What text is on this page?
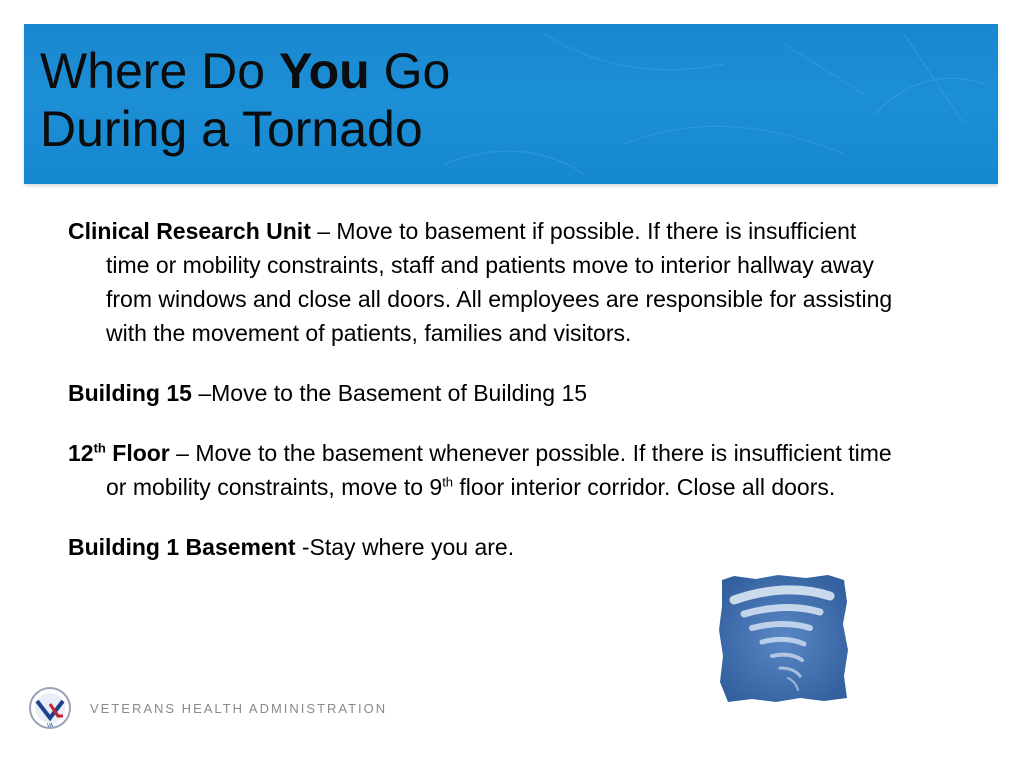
Where Do You Go
During a Tornado

Clinical Research Unit – Move to basement if possible. If there is insufficient time or mobility constraints, staff and patients move to interior hallway away from windows and close all doors. All employees are responsible for assisting with the movement of patients, families and visitors.

Building 15 –Move to the Basement of Building 15

12th Floor – Move to the basement whenever possible. If there is insufficient time or mobility constraints, move to 9th floor interior corridor. Close all doors.

Building 1 Basement -Stay where you are.

VA
VETERANS HEALTH ADMINISTRATION
